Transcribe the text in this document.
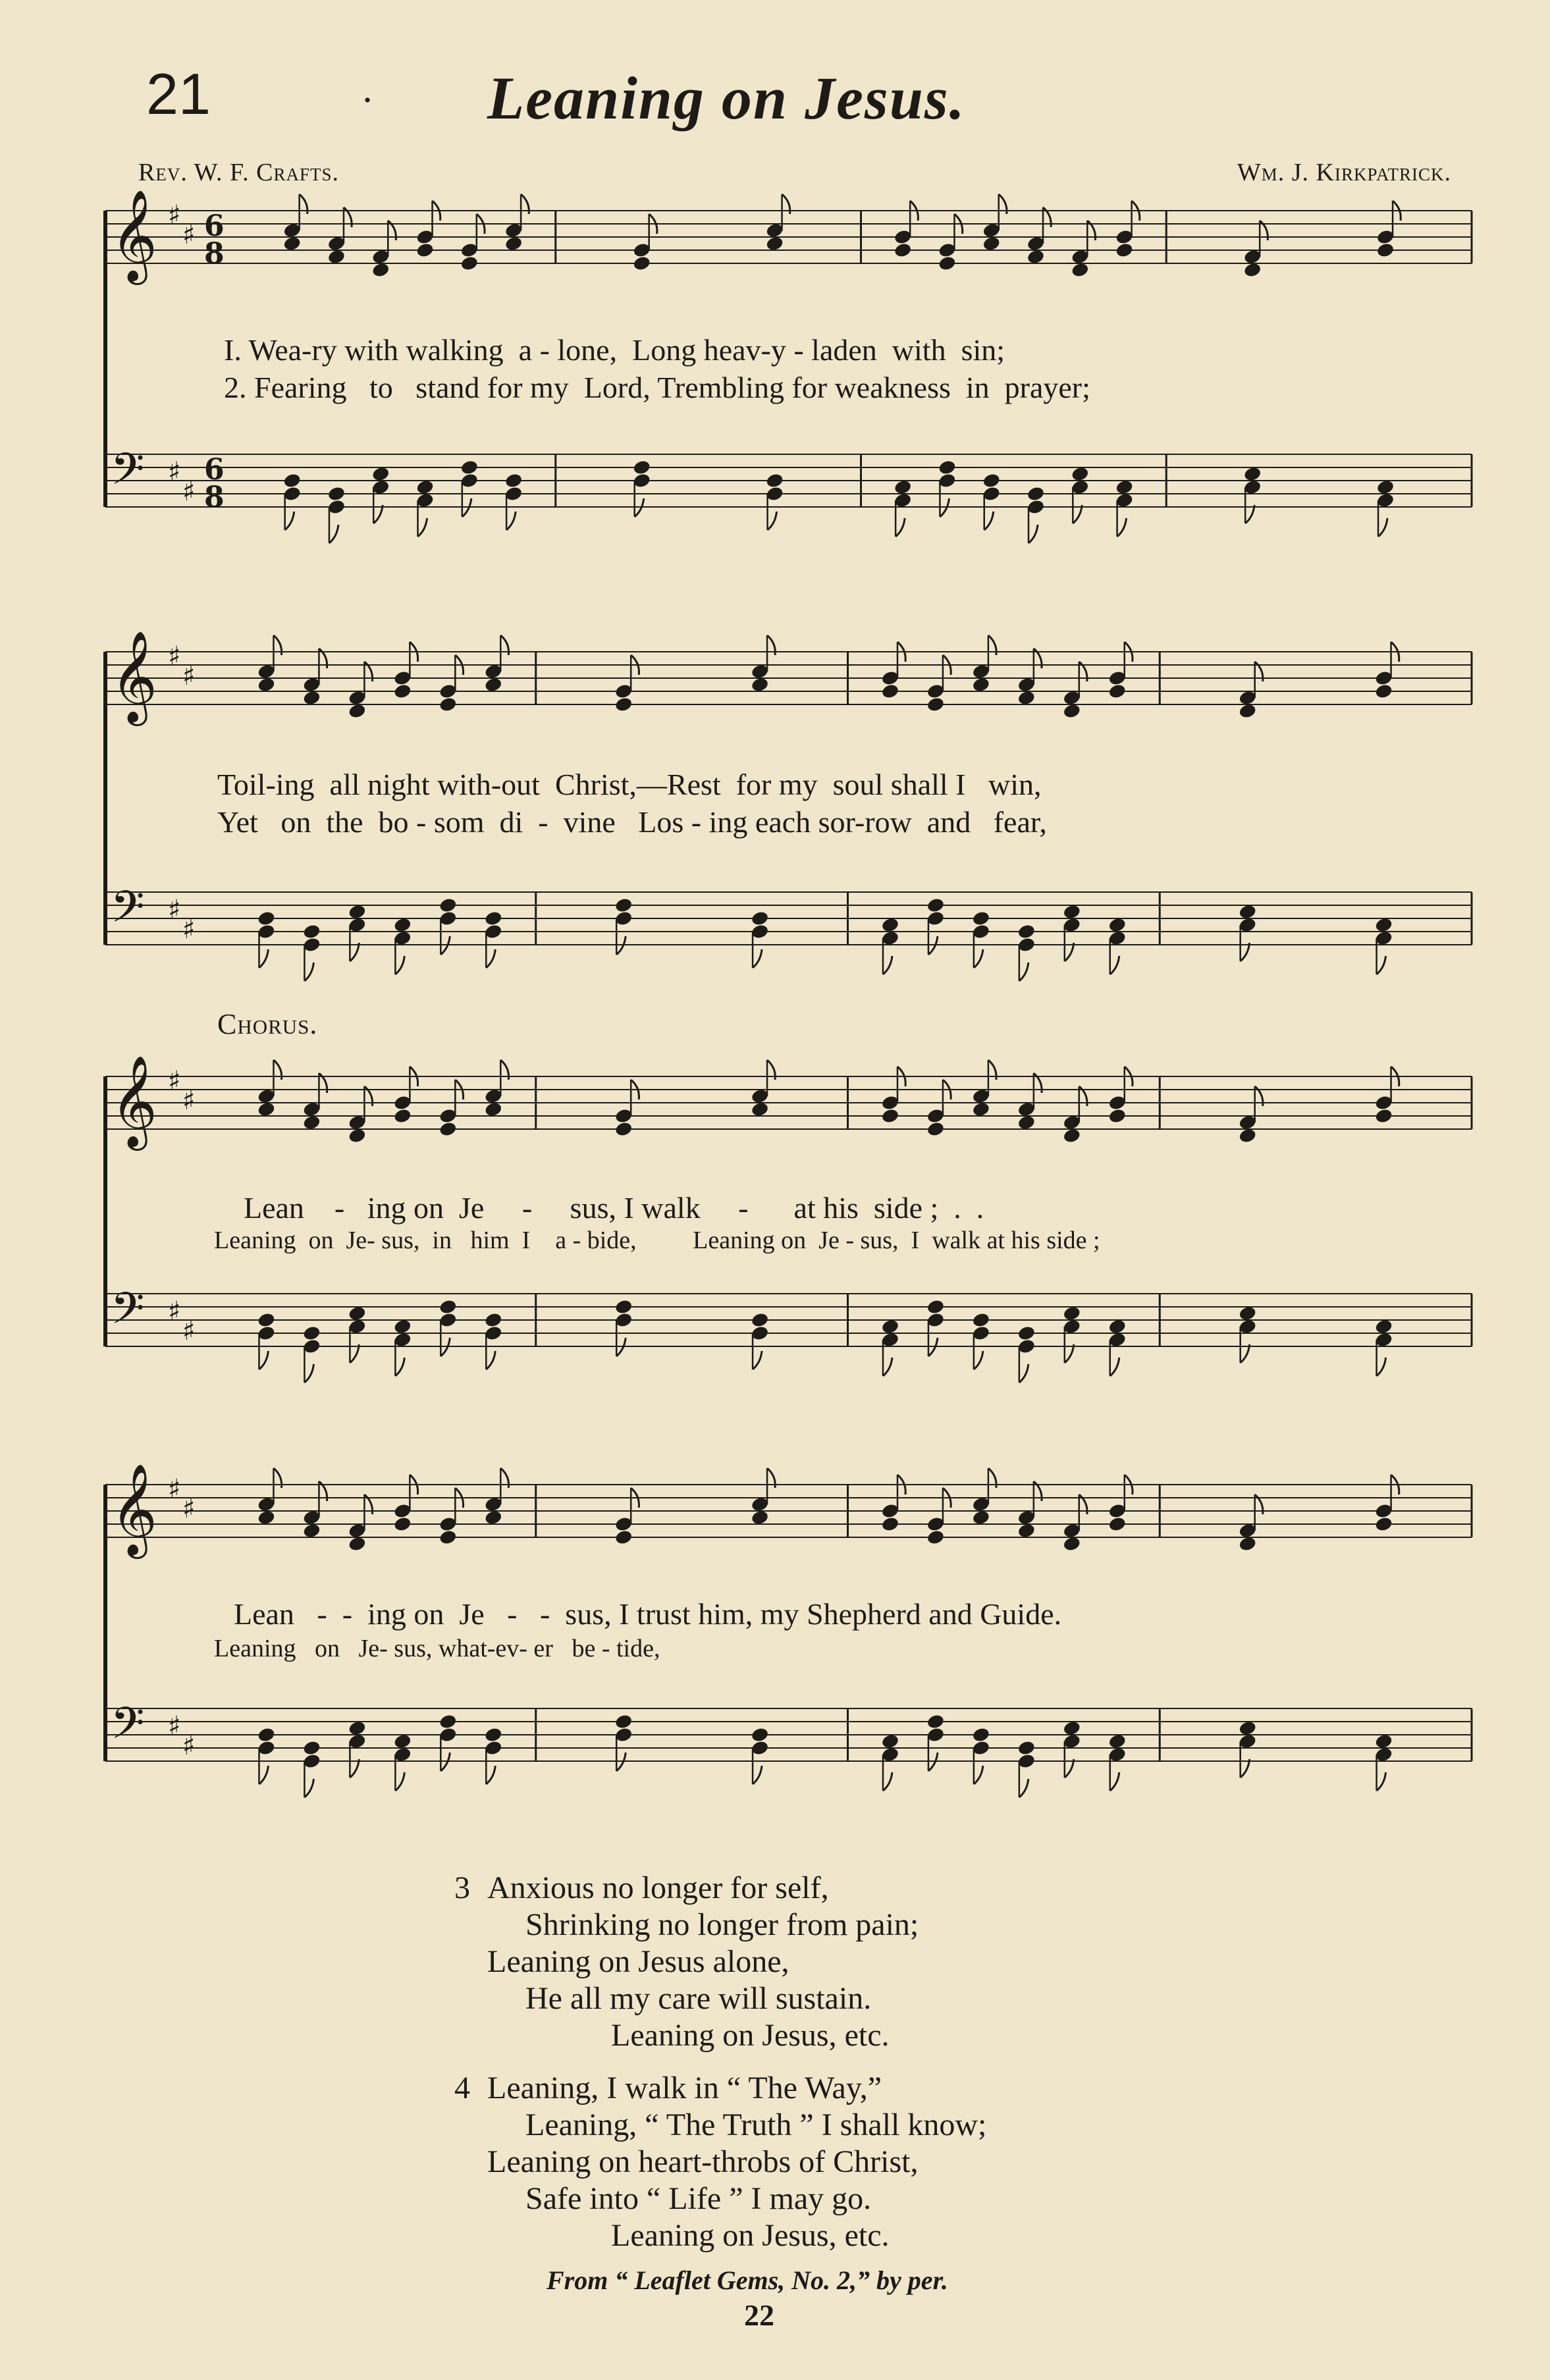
21	· Leaning on Jesus.
Rev. W. F. Crafts.	Wm. J. Kirkpatrick.
𝄞 ♯
♯ 6
8
𝄢 ♯
♯
6
8
I. Wea-ry with walking  a - lone,  Long heav-y - laden  with  sin;
2. Fearing   to   stand for my  Lord, Trembling for weakness  in  prayer;
𝄞 ♯
♯
𝄢 ♯
♯
Toil-ing  all night with-out  Christ,—Rest  for my  soul shall I   win,
Yet   on  the  bo - som  di  -  vine   Los - ing each sor-row  and   fear,
Chorus.
𝄞 ♯
♯
𝄢 ♯
♯
Lean    -   ing on  Je     -     sus, I walk     -      at his  side ;  .  .
Leaning  on  Je- sus,  in   him  I    a - bide,         Leaning on  Je - sus,  I  walk at his side ;
𝄞 ♯
♯
𝄢 ♯
♯
Lean   -  -  ing on  Je   -   -  sus, I trust him, my Shepherd and Guide.
Leaning   on   Je- sus, what-ev- er   be - tide,
3 Anxious no longer for self,
Shrinking no longer from pain;
Leaning on Jesus alone,
He all my care will sustain.
Leaning on Jesus, etc.
4 Leaning, I walk in “ The Way,”
Leaning, “ The Truth ” I shall know;
Leaning on heart-throbs of Christ,
Safe into “ Life ” I may go.
Leaning on Jesus, etc.
From “ Leaflet Gems, No. 2,” by per.
22
